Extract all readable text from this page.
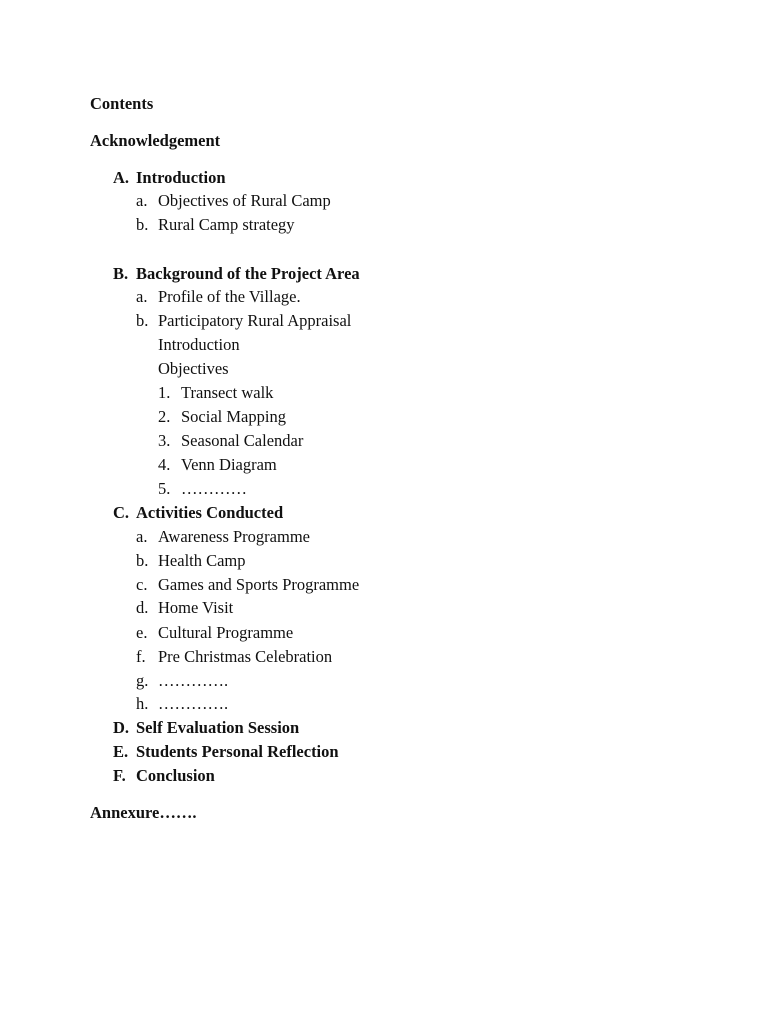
Contents
Acknowledgement
A. Introduction
a. Objectives of Rural Camp
b. Rural Camp strategy
B. Background of the Project Area
a. Profile of the Village.
b. Participatory Rural Appraisal
Introduction
Objectives
1. Transect walk
2. Social Mapping
3. Seasonal Calendar
4. Venn Diagram
5. …………
C. Activities Conducted
a. Awareness Programme
b. Health Camp
c. Games and Sports Programme
d. Home Visit
e. Cultural Programme
f. Pre Christmas Celebration
g. ………….
h. ………….
D. Self Evaluation Session
E. Students Personal Reflection
F. Conclusion
Annexure…….
